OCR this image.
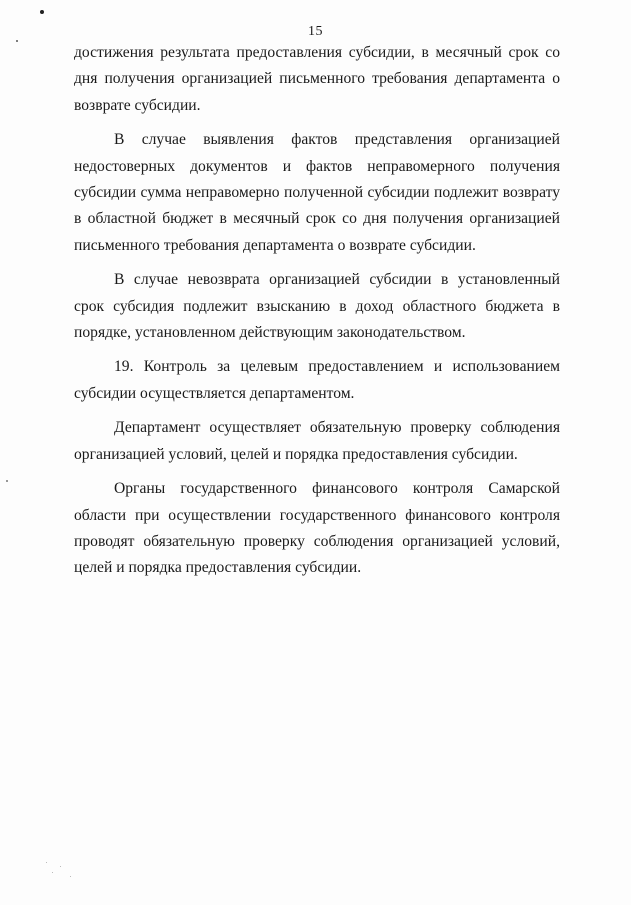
15

достижения результата предоставления субсидии, в месячный срок со дня получения организацией письменного требования департамента о возврате субсидии.

В случае выявления фактов представления организацией недостоверных документов и фактов неправомерного получения субсидии сумма неправомерно полученной субсидии подлежит возврату в областной бюджет в месячный срок со дня получения организацией письменного требования департамента о возврате субсидии.

В случае невозврата организацией субсидии в установленный срок субсидия подлежит взысканию в доход областного бюджета в порядке, установленном действующим законодательством.

19. Контроль за целевым предоставлением и использованием субсидии осуществляется департаментом.

Департамент осуществляет обязательную проверку соблюдения организацией условий, целей и порядка предоставления субсидии.

Органы государственного финансового контроля Самарской области при осуществлении государственного финансового контроля проводят обязательную проверку соблюдения организацией условий, целей и порядка предоставления субсидии.
